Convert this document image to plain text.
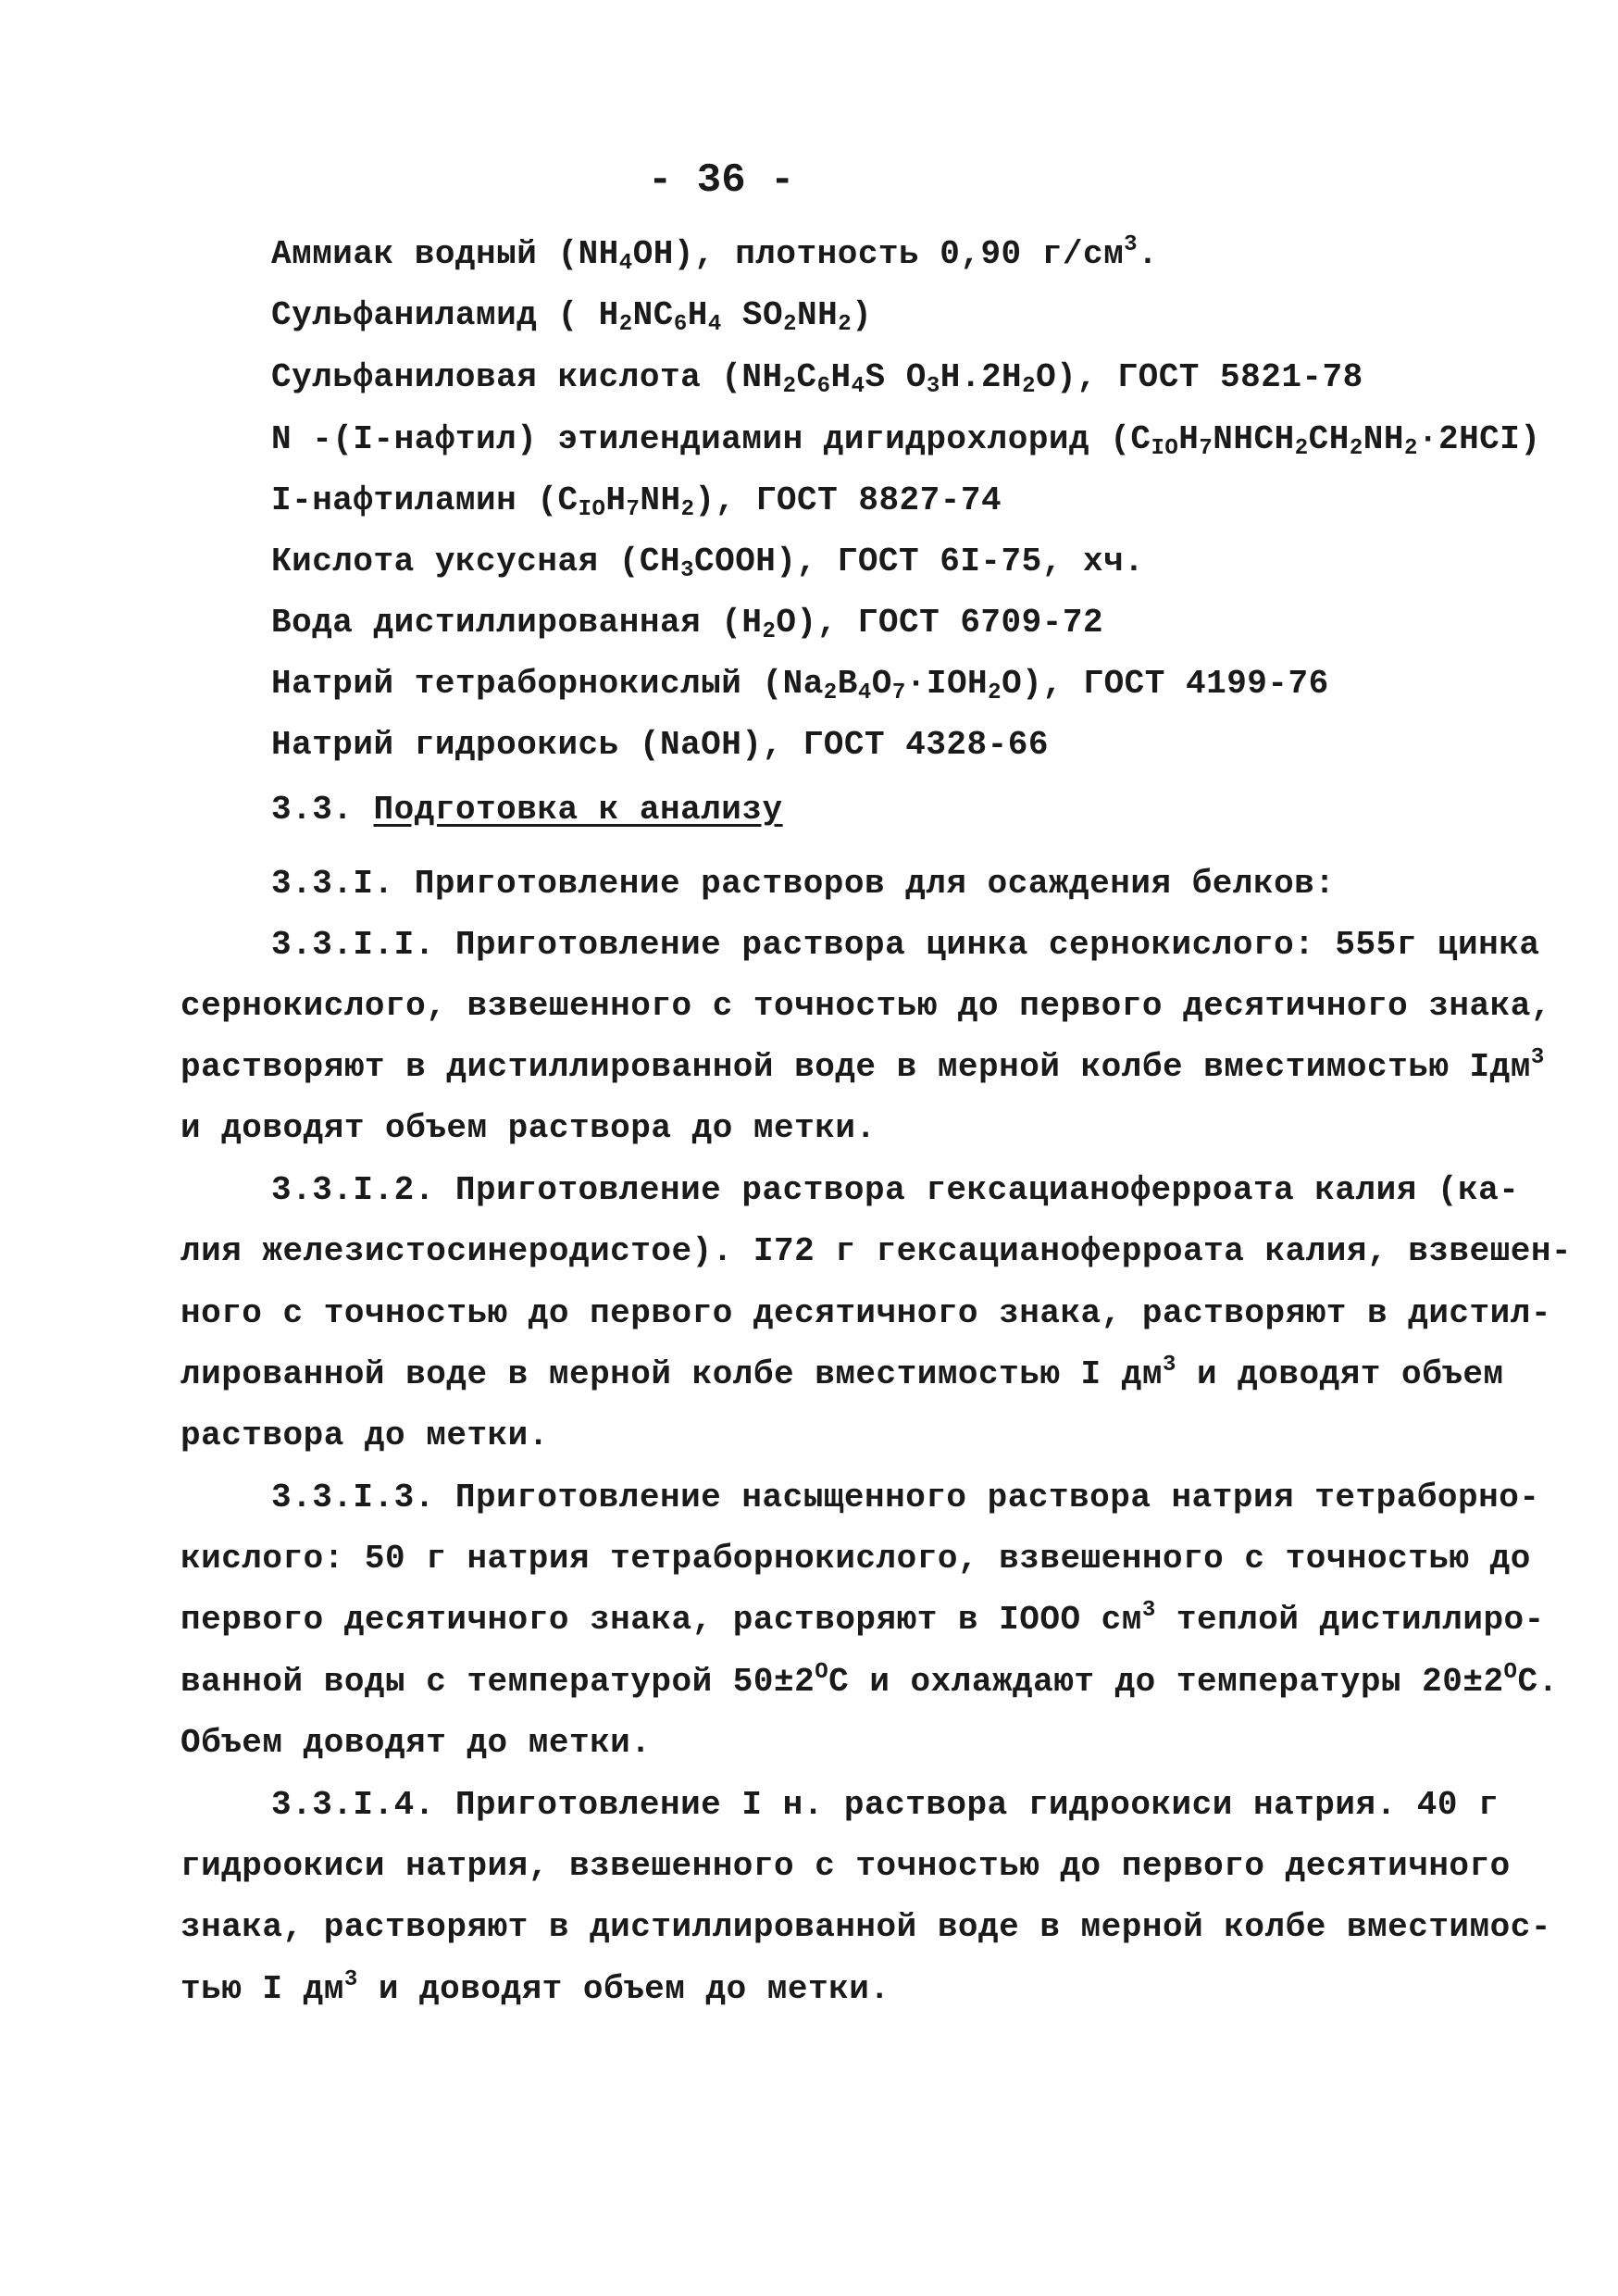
- 36 -
Аммиак водный $(NH_4OH)$, плотность 0,90 $г/см^3$.
Сульфаниламид ( $H_2NC_6H_4$ $SO_2NH_2$)
Сульфаниловая кислота ($NH_2C_6H_4S$ $O_3H.2H_2O$), ГОСТ 5821-78
N -(I-нафтил) этилендиамин дигидрохлорид $(C_{IO}H_7NHCH_2CH_2NH_2\cdot 2HCI)$
I-нафтиламин $(C_{IO}H_7NH_2)$, ГОСТ 8827-74
Кислота уксусная $(CH_3COOH)$, ГОСТ 6I-75, хч.
Вода дистиллированная $(H_2O)$, ГОСТ 6709-72
Натрий тетраборнокислый $(Na_2B_4O_7\cdot IOH_2O)$, ГОСТ 4199-76
Натрий гидроокись (NaOH), ГОСТ 4328-66
3.3. Подготовка к анализу
3.3.I. Приготовление растворов для осаждения белков:
3.3.I.I. Приготовление раствора цинка сернокислого: 555г цинка
сернокислого, взвешенного с точностью до первого десятичного знака,
растворяют в дистиллированной воде в мерной колбе вместимостью Iдм$^3$
и доводят объем раствора до метки.
3.3.I.2. Приготовление раствора гексацианоферроата калия (ка-
лия железистосинеродистое). I72 г гексацианоферроата калия, взвешен-
ного с точностью до первого десятичного знака, растворяют в дистил-
лированной воде в мерной колбе вместимостью I $дм^3$ и доводят объем
раствора до метки.
3.3.I.3. Приготовление насыщенного раствора натрия тетраборно-
кислого: 50 г натрия тетраборнокислого, взвешенного с точностью до
первого десятичного знака, растворяют в IOOO $см^3$ теплой дистиллиро-
ванной воды с температурой $50\pm 2^OC$ и охлаждают до температуры $20\pm 2^OC$.
Объем доводят до метки.
3.3.I.4. Приготовление I н. раствора гидроокиси натрия. 40 г
гидроокиси натрия, взвешенного с точностью до первого десятичного
знака, растворяют в дистиллированной воде в мерной колбе вместимос-
тью I $дм^3$ и доводят объем до метки.
